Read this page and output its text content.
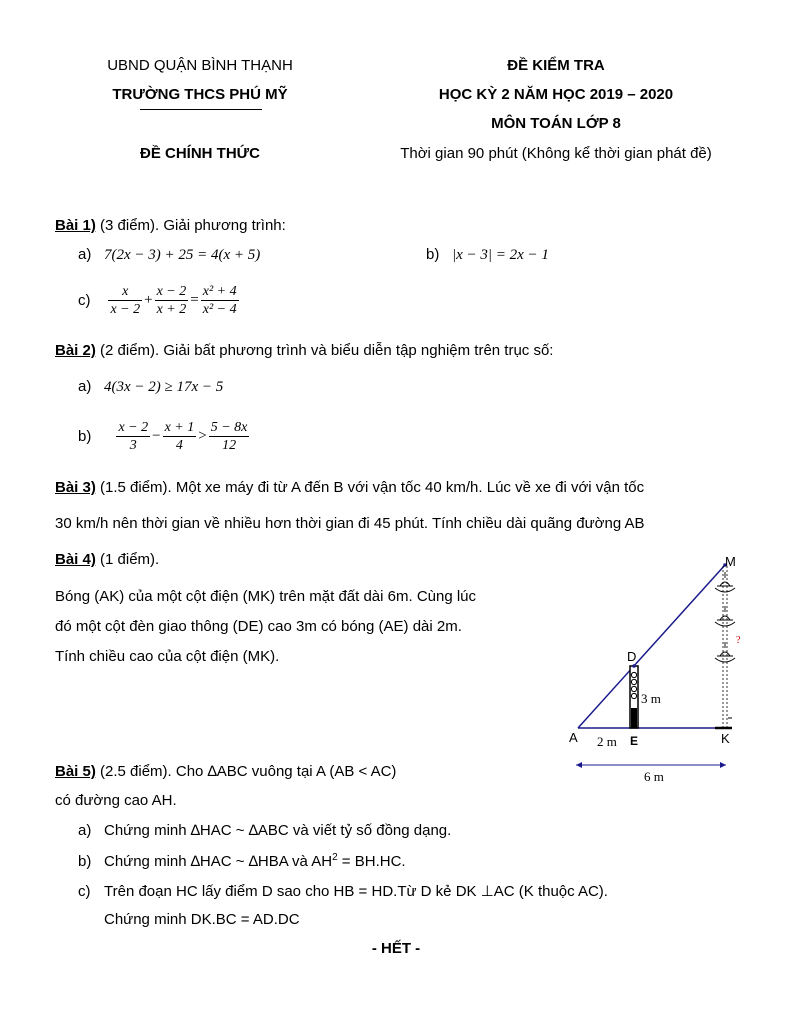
UBND QUẬN BÌNH THẠNH
TRƯỜNG THCS PHÚ MỸ
ĐỀ CHÍNH THỨC
ĐỀ KIỂM TRA
HỌC KỲ 2 NĂM HỌC 2019 – 2020
MÔN TOÁN LỚP 8
Thời gian 90 phút (Không kể thời gian phát đề)
Bài 1) (3 điểm). Giải phương trình:
a) 7(2x − 3) + 25 = 4(x + 5)	b) |x − 3| = 2x − 1
$c) \frac{x}{x - 2} + \frac{x - 2}{x + 2} = \frac{\text{x² + 4}}{\text{x² − 4}}$
Bài 2) (2 điểm). Giải bất phương trình và biểu diễn tập nghiệm trên trục số:
a) 4(3x − 2) ≥ 17x − 5
$b) \frac{x - 2}{3} - \frac{x + 1}{4} > \frac{5 - 8x}{12}$
Bài 3) (1.5 điểm). Một xe máy đi từ A đến B với vận tốc 40 km/h. Lúc về xe đi với vận tốc
30 km/h nên thời gian về nhiều hơn thời gian đi 45 phút. Tính chiều dài quãng đường AB
Bài 4) (1 điểm).
Bóng (AK) của một cột điện (MK) trên mặt đất dài 6m. Cùng lúc
đó một cột đèn giao thông (DE) cao 3m có bóng (AE) dài 2m.
Tính chiều cao của cột điện (MK).
M
D
A	E	K
3 m
2 m
6 m
?
Bài 5) (2.5 điểm). Cho ∆ABC vuông tại A (AB < AC)
có đường cao AH.
a) Chứng minh ∆HAC ~ ∆ABC và viết tỷ số đồng dạng.
b) Chứng minh ∆HAC ~ ∆HBA và $AH^2 = BH.HC$.
c) Trên đoạn HC lấy điểm D sao cho HB = HD.Từ D kẻ DK ⊥AC (K thuộc AC).
Chứng minh DK.BC = AD.DC
- HẾT -
